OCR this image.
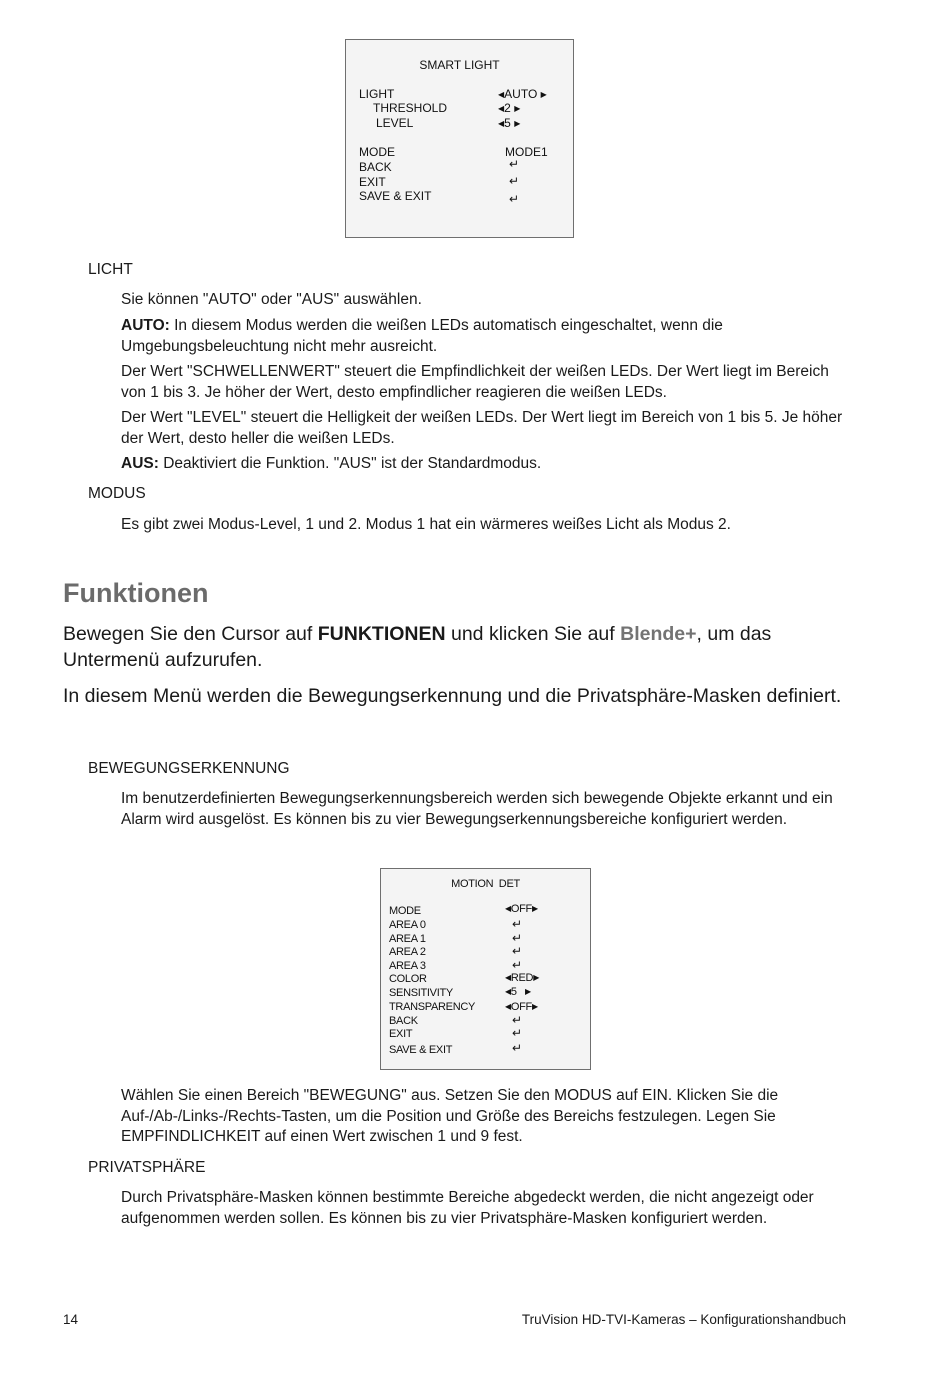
SMART LIGHT
LIGHT	◀AUTO ▶
THRESHOLD	◀2 ▶
LEVEL	◀5 ▶
MODE	MODE1
BACK	↵
EXIT	↵
SAVE & EXIT	↵
LICHT
Sie können "AUTO" oder "AUS" auswählen.
AUTO: In diesem Modus werden die weißen LEDs automatisch eingeschaltet, wenn die Umgebungsbeleuchtung nicht mehr ausreicht.
Der Wert "SCHWELLENWERT" steuert die Empfindlichkeit der weißen LEDs. Der Wert liegt im Bereich von 1 bis 3. Je höher der Wert, desto empfindlicher reagieren die weißen LEDs.
Der Wert "LEVEL" steuert die Helligkeit der weißen LEDs. Der Wert liegt im Bereich von 1 bis 5. Je höher der Wert, desto heller die weißen LEDs.
AUS: Deaktiviert die Funktion. "AUS" ist der Standardmodus.
MODUS
Es gibt zwei Modus-Level, 1 und 2. Modus 1 hat ein wärmeres weißes Licht als Modus 2.
Funktionen
Bewegen Sie den Cursor auf FUNKTIONEN und klicken Sie auf Blende+, um das Untermenü aufzurufen.
In diesem Menü werden die Bewegungserkennung und die Privatsphäre-Masken definiert.
BEWEGUNGSERKENNUNG
Im benutzerdefinierten Bewegungserkennungsbereich werden sich bewegende Objekte erkannt und ein Alarm wird ausgelöst. Es können bis zu vier Bewegungserkennungsbereiche konfiguriert werden.
MOTION  DET
MODE	◀OFF▶
AREA 0	↵
AREA 1	↵
AREA 2	↵
AREA 3	↵
COLOR	◀RED▶
SENSITIVITY	◀5 ▶
TRANSPARENCY	◀OFF▶
BACK	↵
EXIT	↵
SAVE & EXIT	↵
Wählen Sie einen Bereich "BEWEGUNG" aus. Setzen Sie den MODUS auf EIN. Klicken Sie die Auf-/Ab-/Links-/Rechts-Tasten, um die Position und Größe des Bereichs festzulegen. Legen Sie EMPFINDLICHKEIT auf einen Wert zwischen 1 und 9 fest.
PRIVATSPHÄRE
Durch Privatsphäre-Masken können bestimmte Bereiche abgedeckt werden, die nicht angezeigt oder aufgenommen werden sollen. Es können bis zu vier Privatsphäre-Masken konfiguriert werden.
14	TruVision HD-TVI-Kameras – Konfigurationshandbuch
